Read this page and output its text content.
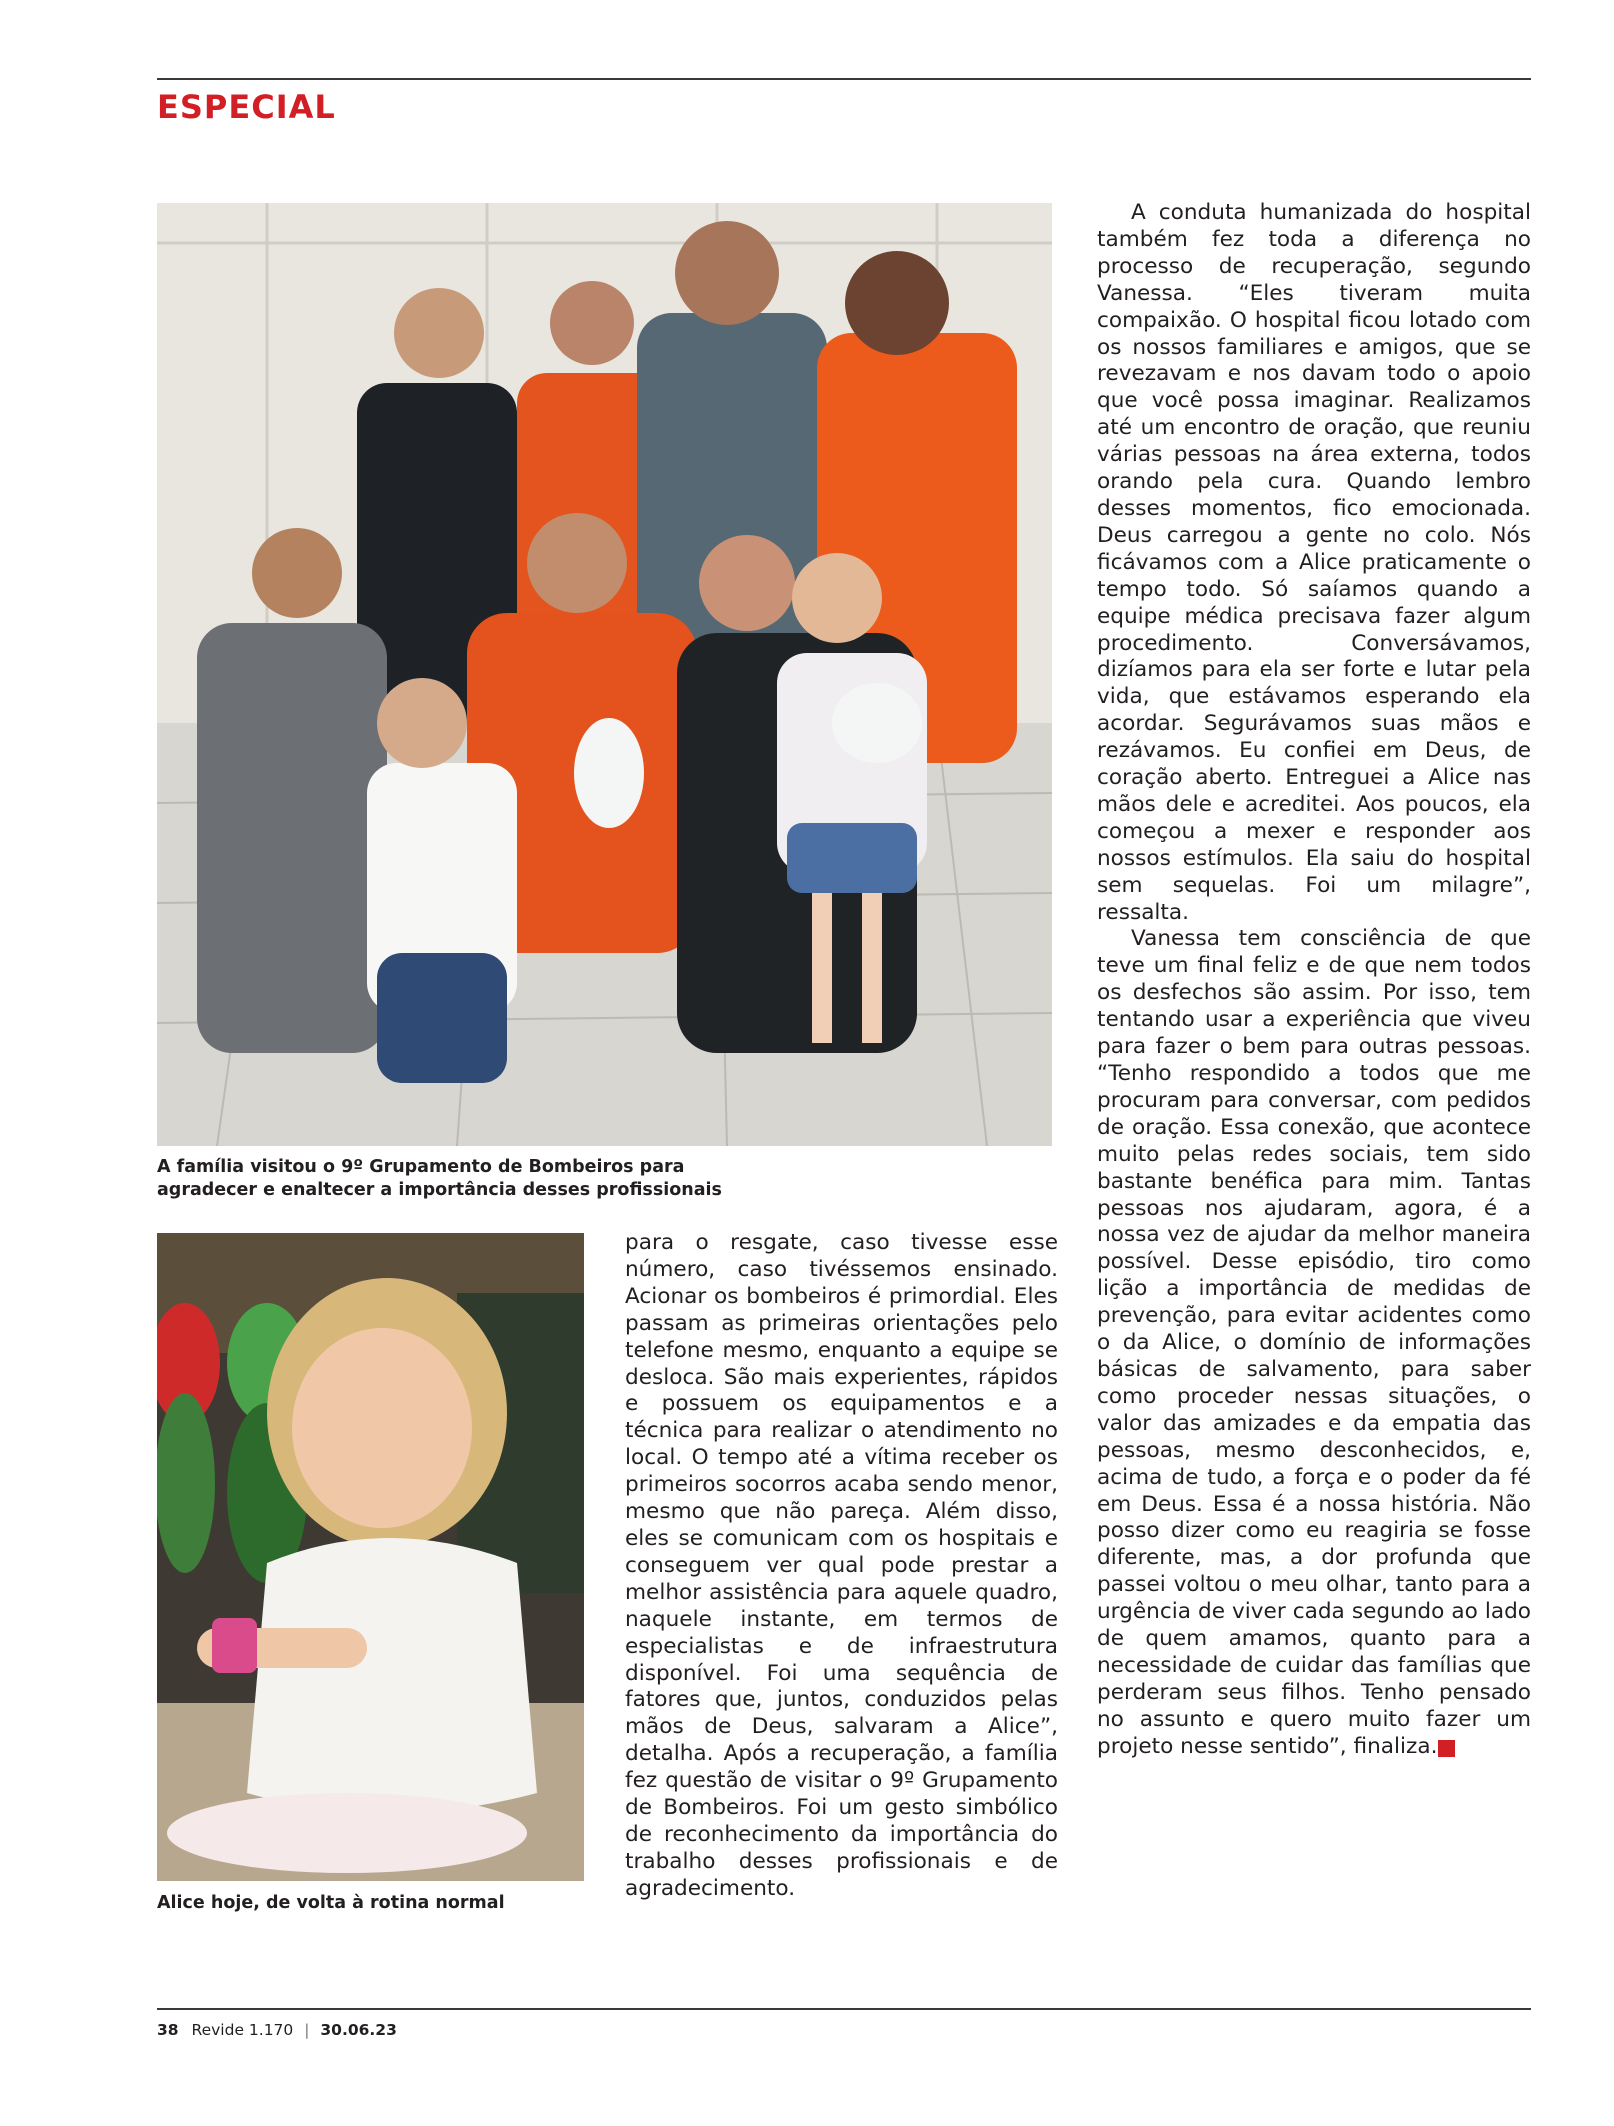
ESPECIAL

A família visitou o 9º Grupamento de Bombeiros para
agradecer e enaltecer a importância desses profissionais

Alice hoje, de volta à rotina normal

para o resgate, caso tivesse esse número, caso tivéssemos ensinado. Acionar os bombeiros é primordial. Eles passam as primeiras orientações pelo telefone mesmo, enquanto a equipe se desloca. São mais experientes, rápidos e possuem os equipamentos e a técnica para realizar o atendimento no local. O tempo até a vítima receber os primeiros socorros acaba sendo menor, mesmo que não pareça. Além disso, eles se comunicam com os hospitais e conseguem ver qual pode prestar a melhor assistência para aquele quadro, naquele instante, em termos de especialistas e de infraestrutura disponível. Foi uma sequência de fatores que, juntos, conduzidos pelas mãos de Deus, salvaram a Alice”, detalha. Após a recuperação, a família fez questão de visitar o 9º Grupamento de Bombeiros. Foi um gesto simbólico de reconhecimento da importância do trabalho desses profissionais e de agradecimento.

A conduta humanizada do hospital também fez toda a diferença no processo de recuperação, segundo Vanessa. “Eles tiveram muita compaixão. O hospital ficou lotado com os nossos familiares e amigos, que se revezavam e nos davam todo o apoio que você possa imaginar. Realizamos até um encontro de oração, que reuniu várias pessoas na área externa, todos orando pela cura. Quando lembro desses momentos, fico emocionada. Deus carregou a gente no colo. Nós ficávamos com a Alice praticamente o tempo todo. Só saíamos quando a equipe médica precisava fazer algum procedimento. Conversávamos, dizíamos para ela ser forte e lutar pela vida, que estávamos esperando ela acordar. Segurávamos suas mãos e rezávamos. Eu confiei em Deus, de coração aberto. Entreguei a Alice nas mãos dele e acreditei. Aos poucos, ela começou a mexer e responder aos nossos estímulos. Ela saiu do hospital sem sequelas. Foi um milagre”, ressalta.

Vanessa tem consciência de que teve um final feliz e de que nem todos os desfechos são assim. Por isso, tem tentando usar a experiência que viveu para fazer o bem para outras pessoas. “Tenho respondido a todos que me procuram para conversar, com pedidos de oração. Essa conexão, que acontece muito pelas redes sociais, tem sido bastante benéfica para mim. Tantas pessoas nos ajudaram, agora, é a nossa vez de ajudar da melhor maneira possível. Desse episódio, tiro como lição a importância de medidas de prevenção, para evitar acidentes como o da Alice, o domínio de informações básicas de salvamento, para saber como proceder nessas situações, o valor das amizades e da empatia das pessoas, mesmo desconhecidos, e, acima de tudo, a força e o poder da fé em Deus. Essa é a nossa história. Não posso dizer como eu reagiria se fosse diferente, mas, a dor profunda que passei voltou o meu olhar, tanto para a urgência de viver cada segundo ao lado de quem amamos, quanto para a necessidade de cuidar das famílias que perderam seus filhos. Tenho pensado no assunto e quero muito fazer um projeto nesse sentido”, finaliza.	R

38 Revide 1.170 | 30.06.23
